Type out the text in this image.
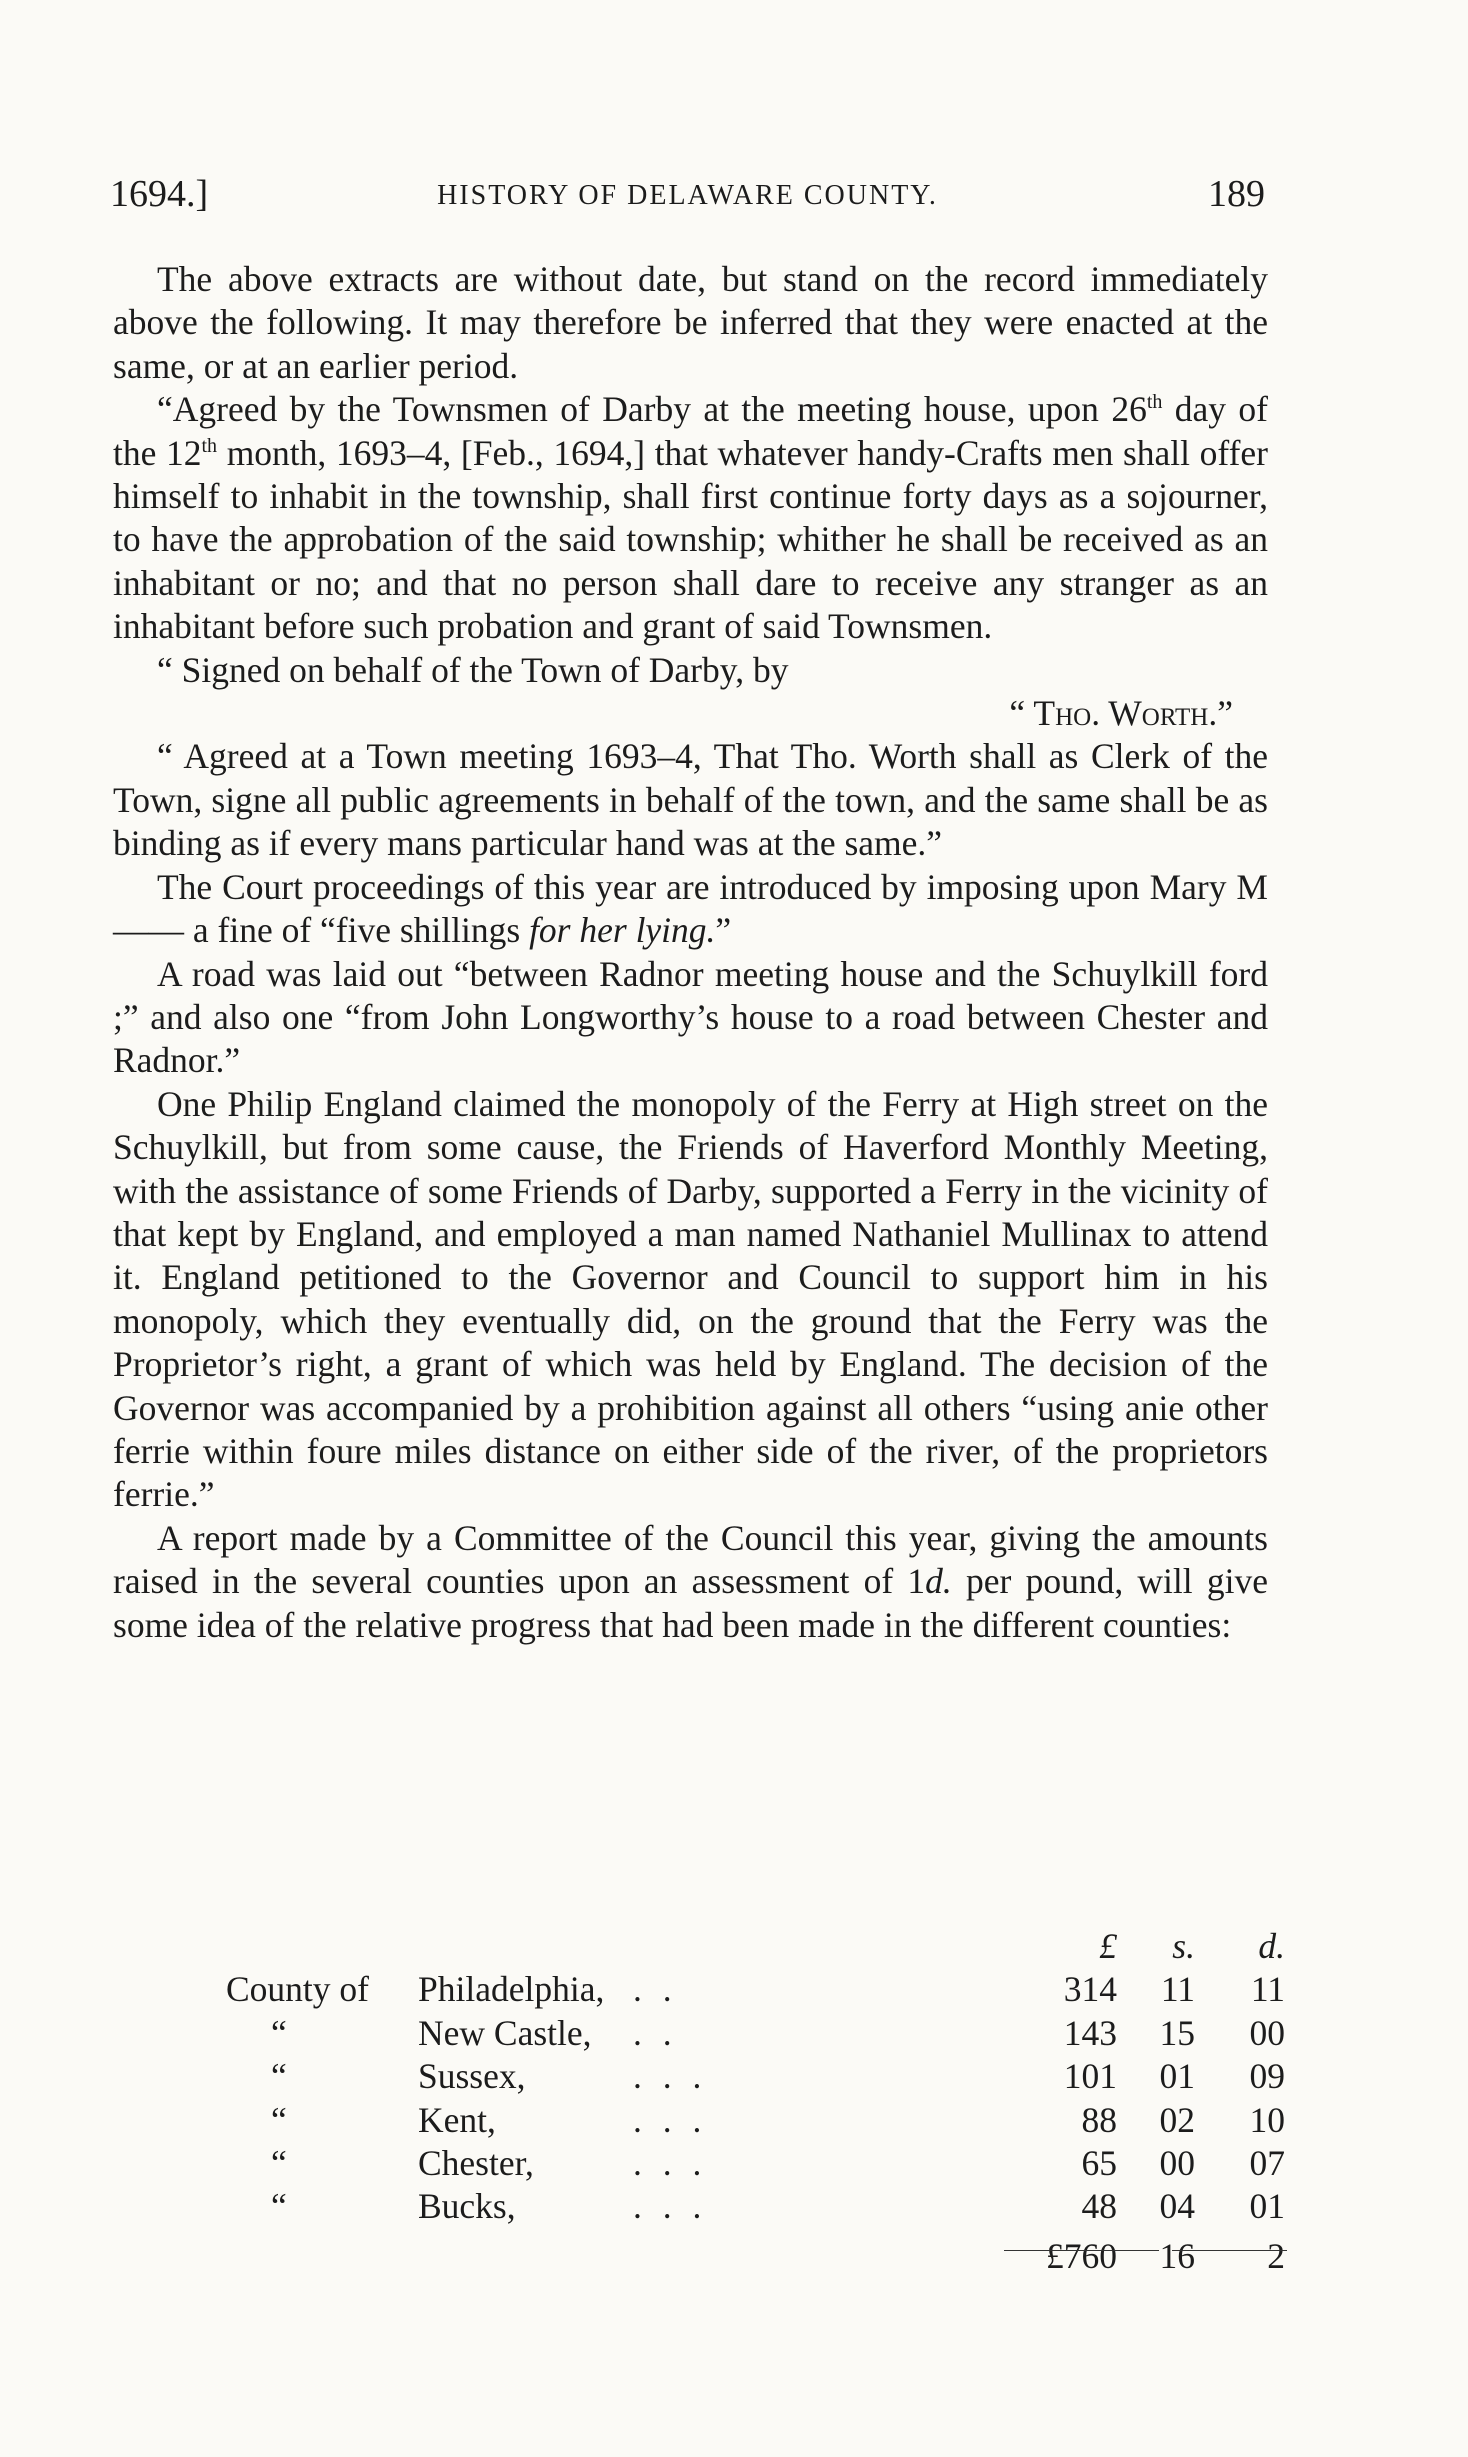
1694.]	HISTORY OF DELAWARE COUNTY.	189

The above extracts are without date, but stand on the record immediately above the following. It may therefore be inferred that they were enacted at the same, or at an earlier period.

“Agreed by the Townsmen of Darby at the meeting house, upon 26th day of the 12th month, 1693–4, [Feb., 1694,] that whatever handy-Crafts men shall offer himself to inhabit in the township, shall first continue forty days as a sojourner, to have the approbation of the said township; whither he shall be received as an inhabitant or no; and that no person shall dare to receive any stranger as an inhabitant before such probation and grant of said Townsmen.

“ Signed on behalf of the Town of Darby, by

“ Tho. Worth.”

“ Agreed at a Town meeting 1693–4, That Tho. Worth shall as Clerk of the Town, signe all public agreements in behalf of the town, and the same shall be as binding as if every mans particular hand was at the same.”

The Court proceedings of this year are introduced by imposing upon Mary M—— a fine of “five shillings for her lying.”

A road was laid out “between Radnor meeting house and the Schuylkill ford ;” and also one “from John Longworthy’s house to a road between Chester and Radnor.”

One Philip England claimed the monopoly of the Ferry at High street on the Schuylkill, but from some cause, the Friends of Haverford Monthly Meeting, with the assistance of some Friends of Darby, supported a Ferry in the vicinity of that kept by England, and employed a man named Nathaniel Mullinax to attend it. England petitioned to the Governor and Council to support him in his monopoly, which they eventually did, on the ground that the Ferry was the Proprietor’s right, a grant of which was held by England. The decision of the Governor was accompanied by a prohibition against all others “using anie other ferrie within foure miles distance on either side of the river, of the proprietors ferrie.”

A report made by a Committee of the Council this year, giving the amounts raised in the several counties upon an assessment of 1d. per pound, will give some idea of the relative progress that had been made in the different counties:

£	s.	d.
County of Philadelphia, . .	314	11	11
“	New Castle, . .	143	15	00
“	Sussex,	. . .	101	01	09
“	Kent,	. . .	88	02	10
“	Chester,	. . .	65	00	07
“	Bucks,	. . .	48	04	01
£760	16	2
